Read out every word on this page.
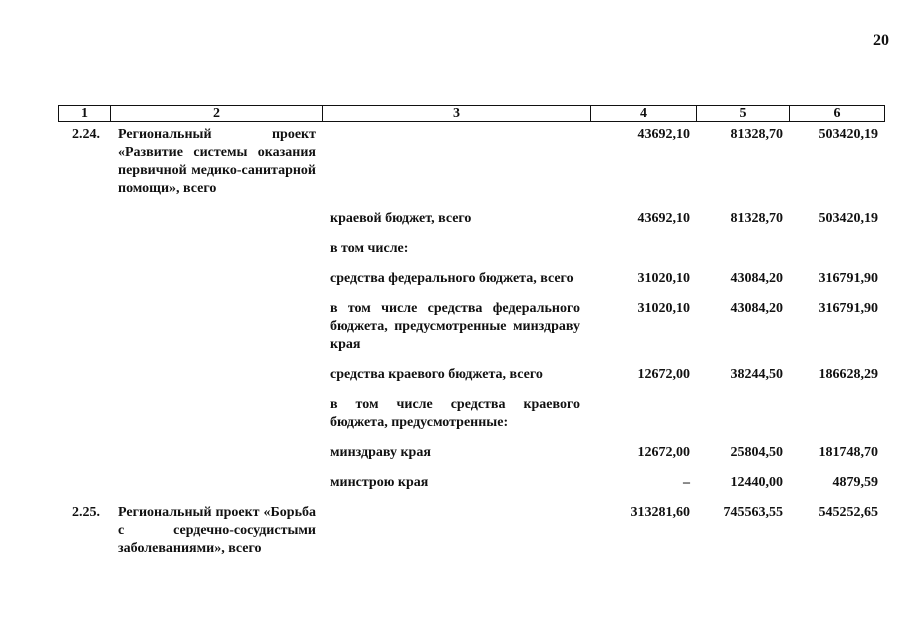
20
1	2	3	4	5	6
2.24.	Региональный проект «Развитие системы оказания первичной медико-санитарной помощи», всего		43692,10	81328,70	503420,19
		краевой бюджет, всего	43692,10	81328,70	503420,19
		в том числе:			
		средства федерального бюджета, всего	31020,10	43084,20	316791,90
		в том числе средства федерального бюджета, предусмотренные минздраву края	31020,10	43084,20	316791,90
		средства краевого бюджета, всего	12672,00	38244,50	186628,29
		в том числе средства краевого бюджета, предусмотренные:			
		минздраву края	12672,00	25804,50	181748,70
		минстрою края	–	12440,00	4879,59
2.25.	Региональный проект «Борьба с сердечно-сосудистыми заболеваниями», всего		313281,60	745563,55	545252,65
